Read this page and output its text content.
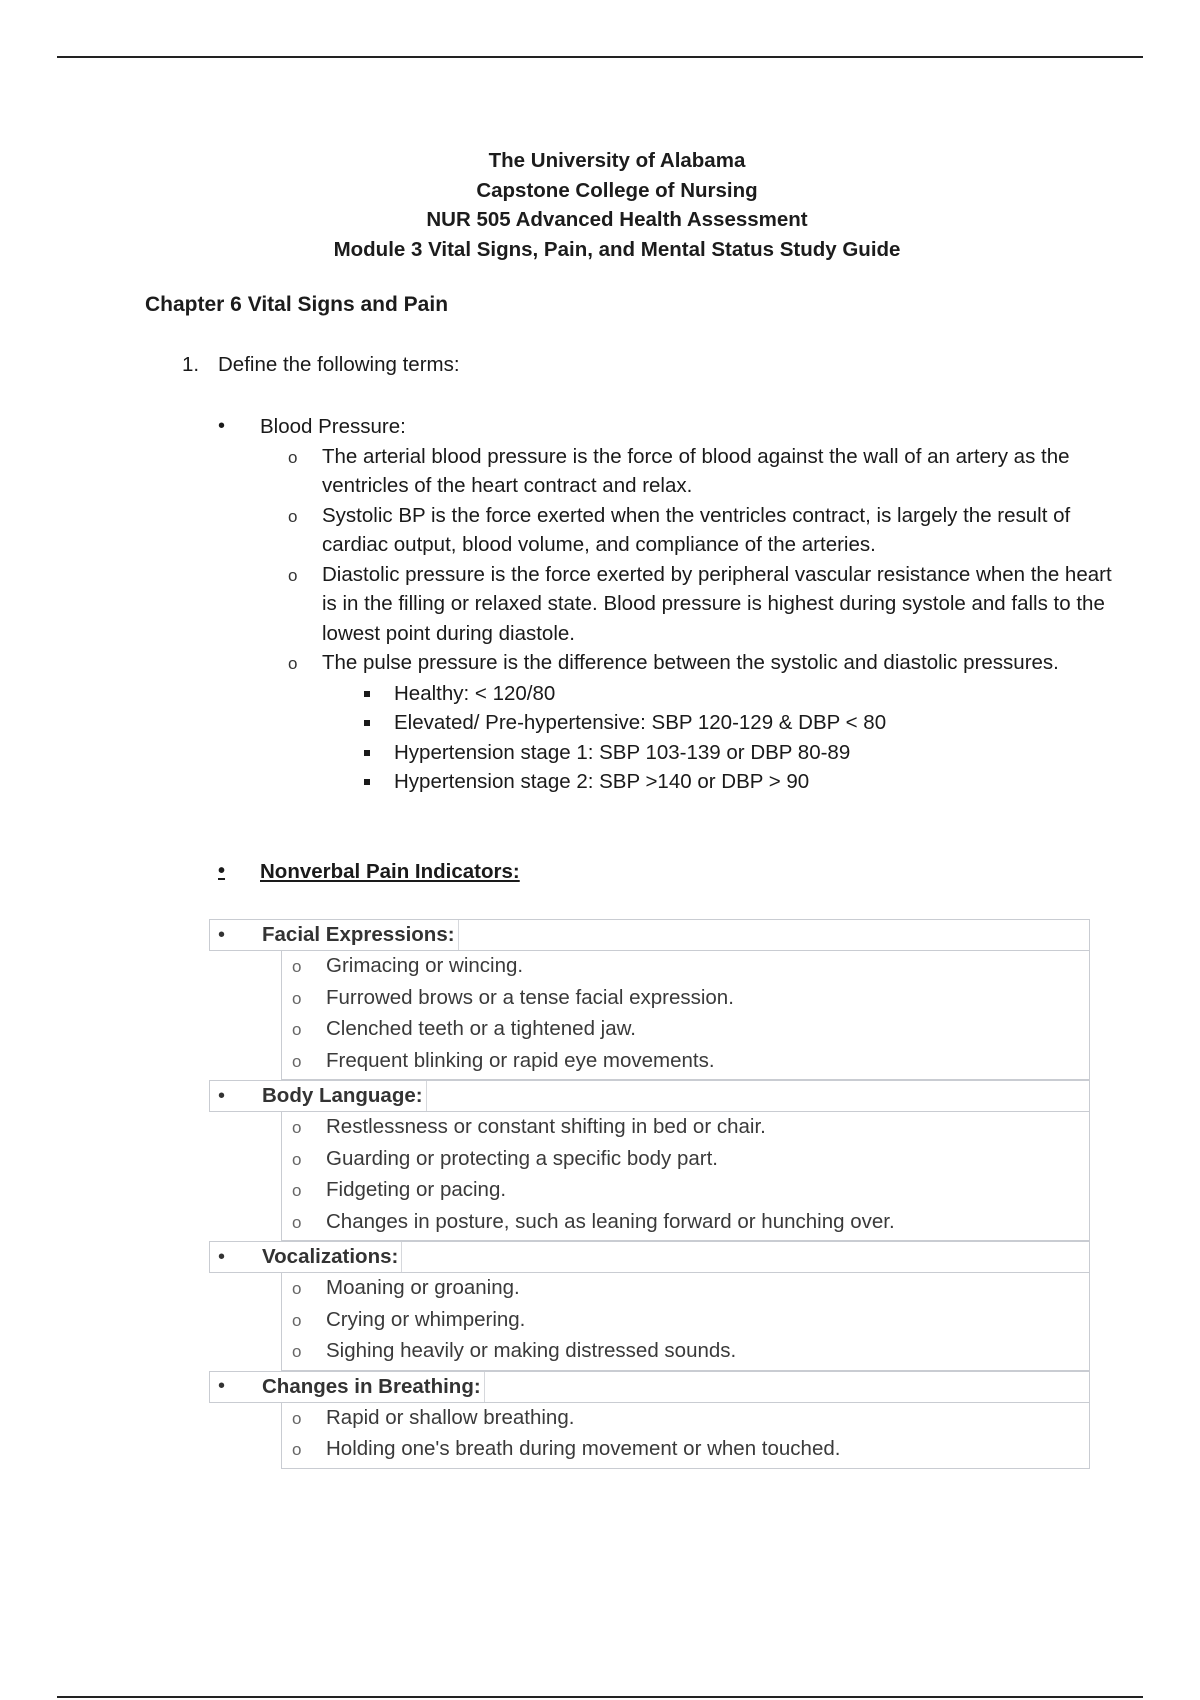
The University of Alabama
Capstone College of Nursing
NUR 505 Advanced Health Assessment
Module 3 Vital Signs, Pain, and Mental Status Study Guide
Chapter 6 Vital Signs and Pain
1. Define the following terms:
•	Blood Pressure:
o	The arterial blood pressure is the force of blood against the wall of an artery as the ventricles of the heart contract and relax.
o	Systolic BP is the force exerted when the ventricles contract, is largely the result of cardiac output, blood volume, and compliance of the arteries.
o	Diastolic pressure is the force exerted by peripheral vascular resistance when the heart is in the filling or relaxed state. Blood pressure is highest during systole and falls to the lowest point during diastole.
o	The pulse pressure is the difference between the systolic and diastolic pressures.
Healthy: < 120/80
Elevated/ Pre-hypertensive: SBP 120-129 & DBP < 80
Hypertension stage 1: SBP 103-139 or DBP 80-89
Hypertension stage 2: SBP >140 or DBP > 90
•	Nonverbal Pain Indicators:
•	Facial Expressions:
o	Grimacing or wincing.
o	Furrowed brows or a tense facial expression.
o	Clenched teeth or a tightened jaw.
o	Frequent blinking or rapid eye movements.
•	Body Language:
o	Restlessness or constant shifting in bed or chair.
o	Guarding or protecting a specific body part.
o	Fidgeting or pacing.
o	Changes in posture, such as leaning forward or hunching over.
•	Vocalizations:
o	Moaning or groaning.
o	Crying or whimpering.
o	Sighing heavily or making distressed sounds.
•	Changes in Breathing:
o	Rapid or shallow breathing.
o	Holding one's breath during movement or when touched.
